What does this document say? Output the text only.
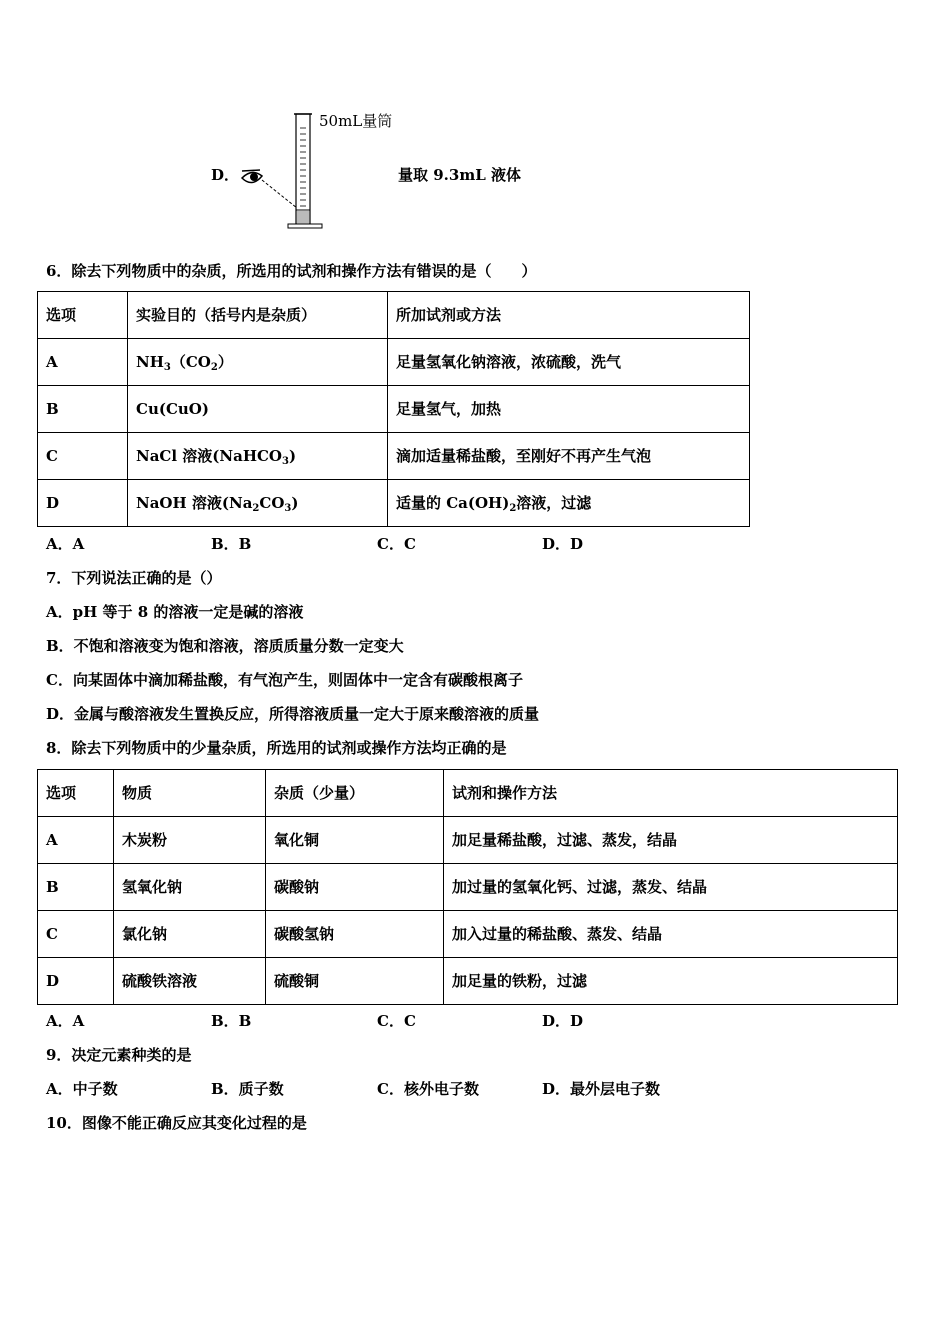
D．
50mL量筒
量取 9.3mL 液体
6．除去下列物质中的杂质，所选用的试剂和操作方法有错误的是（　　）
选项	实验目的（括号内是杂质）	所加试剂或方法
A	$NH_3(CO_2)$	足量氢氧化钠溶液，浓硫酸，洗气
B	Cu(CuO)	足量氢气，加热
C	NaCl 溶液(NaHCO$_3$)	滴加适量稀盐酸，至刚好不再产生气泡
D	NaOH 溶液$(Na_2CO_3)$	适量的 $Ca(OH)_2$溶液，过滤
A．A	B．B	C．C	D．D
7．下列说法正确的是（）
A．pH 等于 8 的溶液一定是碱的溶液
B．不饱和溶液变为饱和溶液，溶质质量分数一定变大
C．向某固体中滴加稀盐酸，有气泡产生，则固体中一定含有碳酸根离子
D．金属与酸溶液发生置换反应，所得溶液质量一定大于原来酸溶液的质量
8．除去下列物质中的少量杂质，所选用的试剂或操作方法均正确的是
选项	物质	杂质（少量）	试剂和操作方法
A	木炭粉	氧化铜	加足量稀盐酸，过滤、蒸发，结晶
B	氢氧化钠	碳酸钠	加过量的氢氧化钙、过滤，蒸发、结晶
C	氯化钠	碳酸氢钠	加入过量的稀盐酸、蒸发、结晶
D	硫酸铁溶液	硫酸铜	加足量的铁粉，过滤
A．A	B．B	C．C	D．D
9．决定元素种类的是
A．中子数	B．质子数	C．核外电子数	D．最外层电子数
10．图像不能正确反应其变化过程的是
